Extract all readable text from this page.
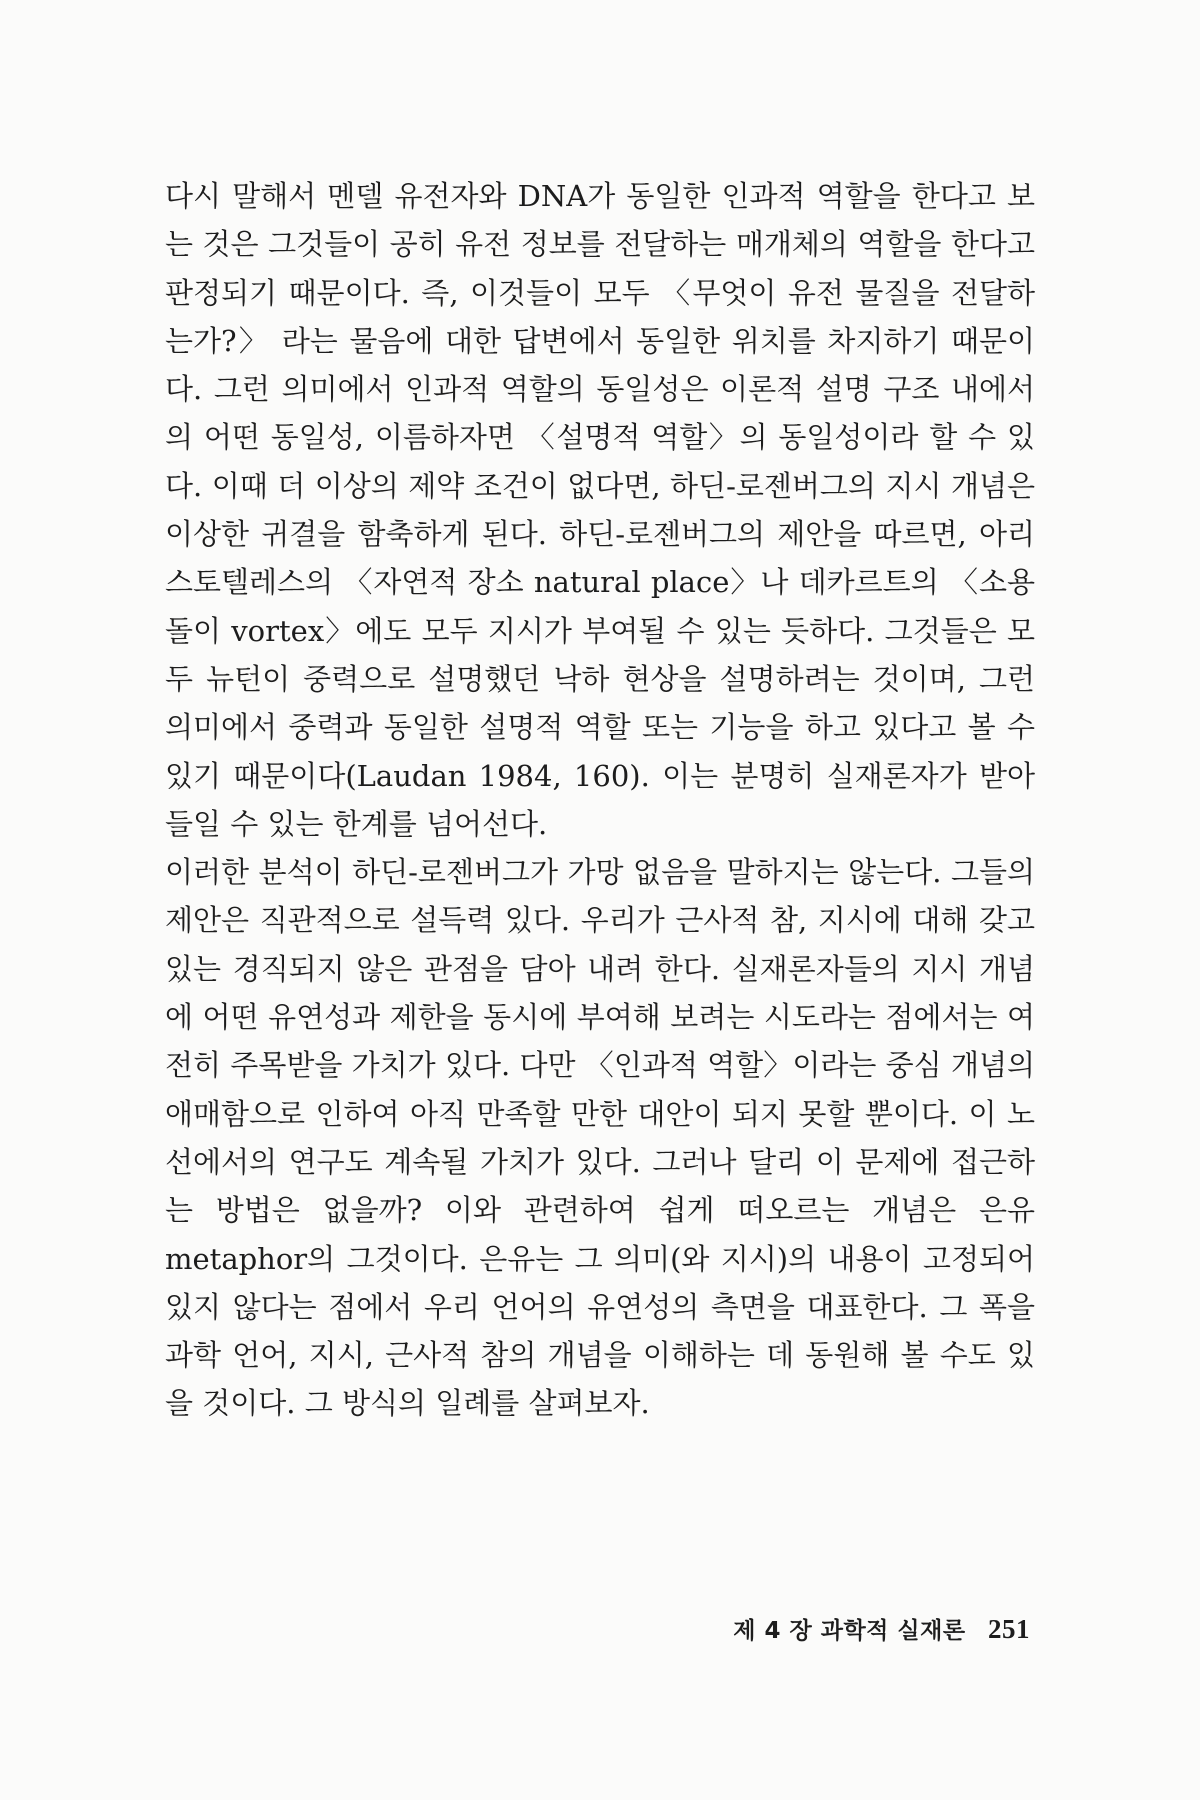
다시 말해서 멘델 유전자와 DNA가 동일한 인과적 역할을 한다고 보는 것은 그것들이 공히 유전 정보를 전달하는 매개체의 역할을 한다고 판정되기 때문이다. 즉, 이것들이 모두 〈무엇이 유전 물질을 전달하는가?〉 라는 물음에 대한 답변에서 동일한 위치를 차지하기 때문이다. 그런 의미에서 인과적 역할의 동일성은 이론적 설명 구조 내에서의 어떤 동일성, 이름하자면 〈설명적 역할〉의 동일성이라 할 수 있다. 이때 더 이상의 제약 조건이 없다면, 하딘-로젠버그의 지시 개념은 이상한 귀결을 함축하게 된다. 하딘-로젠버그의 제안을 따르면, 아리스토텔레스의 〈자연적 장소 natural place〉나 데카르트의 〈소용돌이 vortex〉에도 모두 지시가 부여될 수 있는 듯하다. 그것들은 모두 뉴턴이 중력으로 설명했던 낙하 현상을 설명하려는 것이며, 그런 의미에서 중력과 동일한 설명적 역할 또는 기능을 하고 있다고 볼 수 있기 때문이다(Laudan 1984, 160). 이는 분명히 실재론자가 받아들일 수 있는 한계를 넘어선다.

이러한 분석이 하딘-로젠버그가 가망 없음을 말하지는 않는다. 그들의 제안은 직관적으로 설득력 있다. 우리가 근사적 참, 지시에 대해 갖고 있는 경직되지 않은 관점을 담아 내려 한다. 실재론자들의 지시 개념에 어떤 유연성과 제한을 동시에 부여해 보려는 시도라는 점에서는 여전히 주목받을 가치가 있다. 다만 〈인과적 역할〉이라는 중심 개념의 애매함으로 인하여 아직 만족할 만한 대안이 되지 못할 뿐이다. 이 노선에서의 연구도 계속될 가치가 있다. 그러나 달리 이 문제에 접근하는 방법은 없을까? 이와 관련하여 쉽게 떠오르는 개념은 은유 metaphor의 그것이다. 은유는 그 의미(와 지시)의 내용이 고정되어 있지 않다는 점에서 우리 언어의 유연성의 측면을 대표한다. 그 폭을 과학 언어, 지시, 근사적 참의 개념을 이해하는 데 동원해 볼 수도 있을 것이다. 그 방식의 일례를 살펴보자.

제 4 장 과학적 실재론 251
